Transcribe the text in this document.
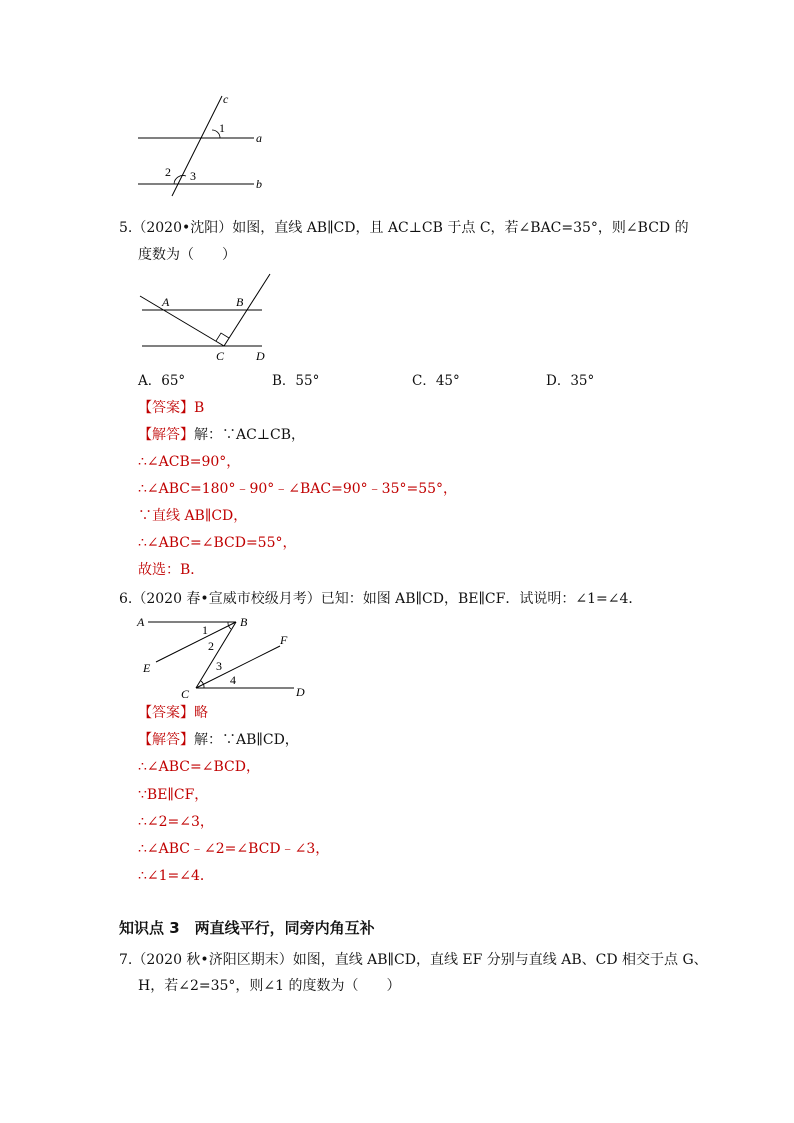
c
1
a
2 3
b
5.（2020•沈阳）如图，直线 AB∥CD，且 AC⊥CB 于点 C，若∠BAC=35°，则∠BCD 的
度数为（　　）
A	B
C	D
A．65°	B．55°	C．45°	D．35°
【答案】B
【解答】解：∵AC⊥CB，
∴∠ACB=90°，
∴∠ABC=180°﹣90°﹣∠BAC=90°﹣35°=55°，
∵直线 AB∥CD，
∴∠ABC=∠BCD=55°，
故选：B．
6.（2020 春•宣威市校级月考）已知：如图 AB∥CD，BE∥CF．试说明：∠1=∠4．
A	B
1
2
E
F
3
C
4
D
【答案】略
【解答】解：∵AB∥CD，
∴∠ABC=∠BCD，
∵BE∥CF，
∴∠2=∠3，
∴∠ABC﹣∠2=∠BCD﹣∠3，
∴∠1=∠4．
知识点 3　两直线平行，同旁内角互补
7.（2020 秋•济阳区期末）如图，直线 AB∥CD，直线 EF 分别与直线 AB、CD 相交于点 G、
H，若∠2=35°，则∠1 的度数为（　　）
